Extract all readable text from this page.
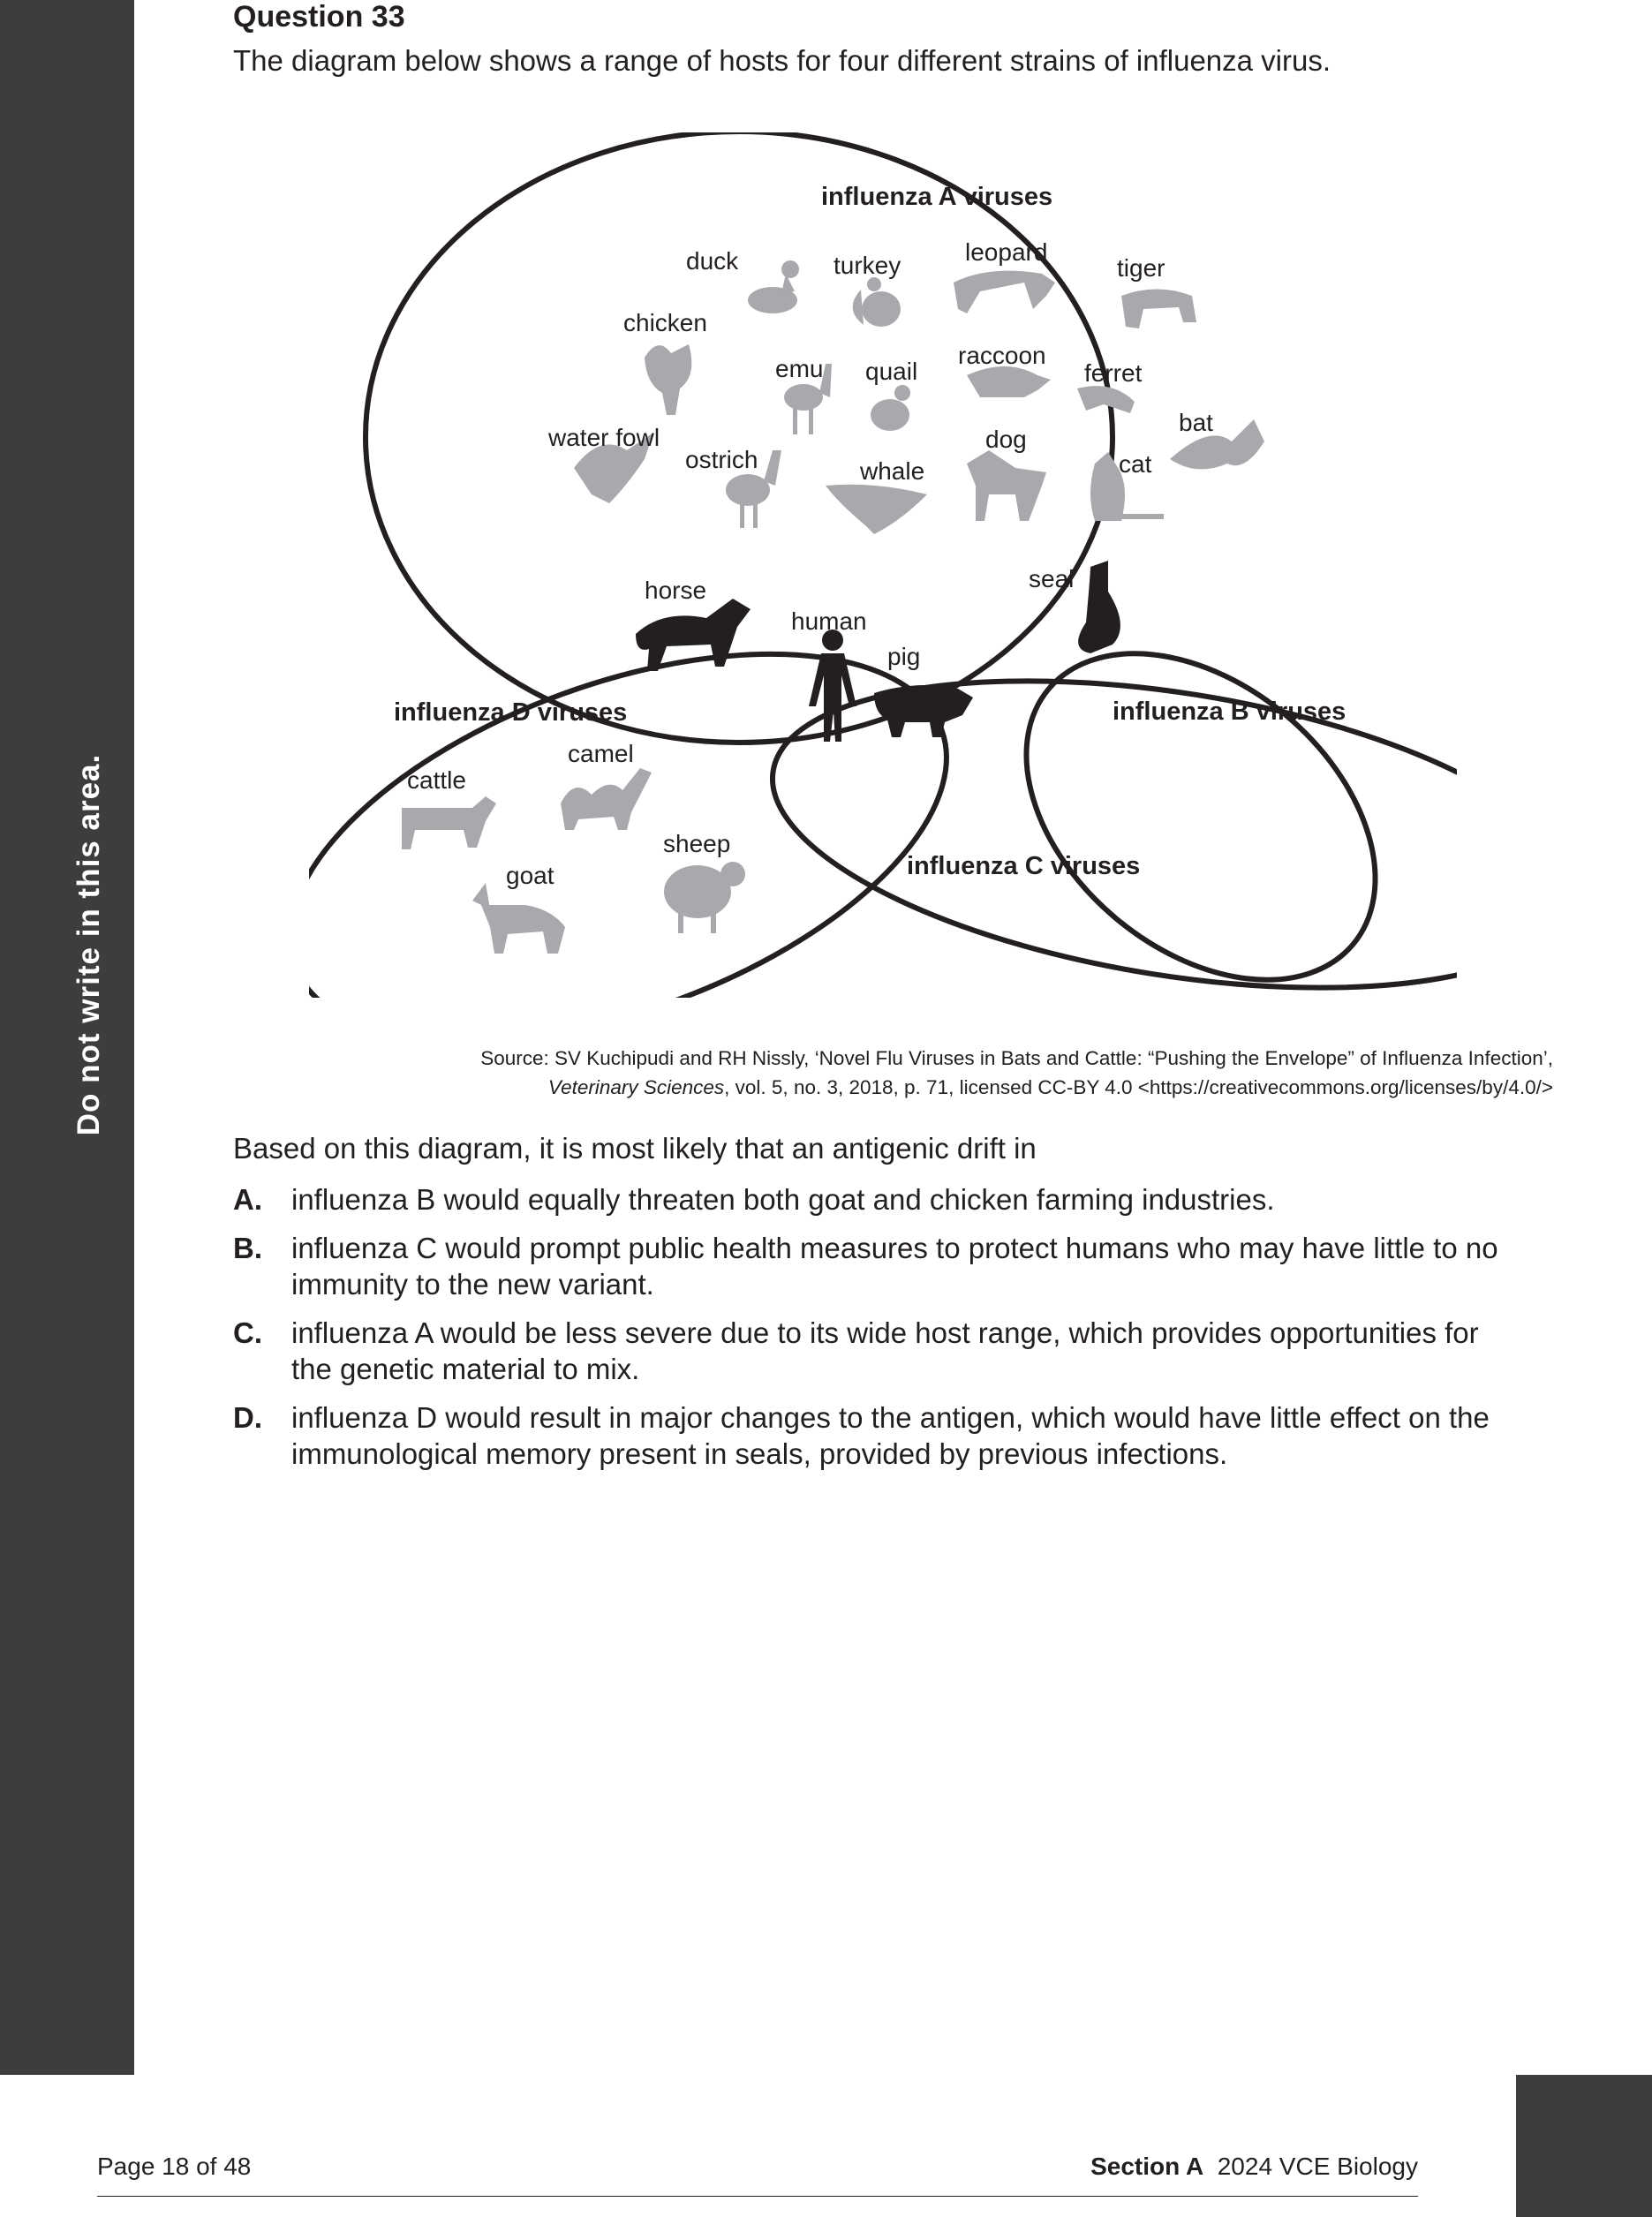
Do not write in this area.
Question 33
The diagram below shows a range of hosts for four different strains of influenza virus.
influenza A viruses
influenza D viruses	influenza B viruses
influenza C viruses
duck	turkey	leopard
tiger
chicken
emu quail
raccoon
ferret
bat
water fowl
ostrich	whale
dog
cat
horse	seal
human
pig
cattle
camel
sheep
goat
Source: SV Kuchipudi and RH Nissly, ‘Novel Flu Viruses in Bats and Cattle: “Pushing the Envelope” of Influenza Infection’,
Veterinary Sciences, vol. 5, no. 3, 2018, p. 71, licensed CC-BY 4.0 <https://creativecommons.org/licenses/by/4.0/>
Based on this diagram, it is most likely that an antigenic drift in
A. influenza B would equally threaten both goat and chicken farming industries.
B. influenza C would prompt public health measures to protect humans who may have little to no immunity to the new variant.
C. influenza A would be less severe due to its wide host range, which provides opportunities for the genetic material to mix.
D. influenza D would result in major changes to the antigen, which would have little effect on the immunological memory present in seals, provided by previous infections.
Page 18 of 48	Section A 2024 VCE Biology
